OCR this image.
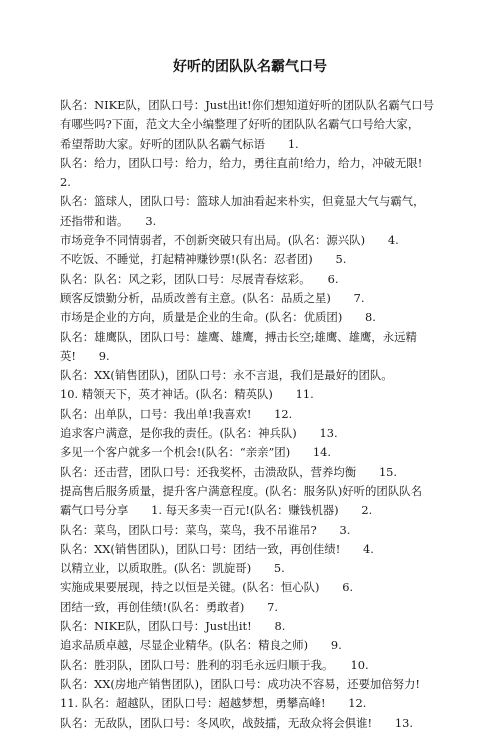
好听的团队队名霸气口号
队名：NIKE队，团队口号：Just出it!你们想知道好听的团队队名霸气口号
有哪些吗?下面，范文大全小编整理了好听的团队队名霸气口号给大家，
希望帮助大家。好听的团队队名霸气标语　　1.
队名：给力，团队口号：给力，给力，勇往直前!给力，给力，冲破无限!
2.
队名：篮球人，团队口号：篮球人加油看起来朴实，但竟显大气与霸气，
还指带和谐。　　3.
市场竞争不同情弱者，不创新突破只有出局。(队名：源兴队)　　4.
不吃饭、不睡觉，打起精神赚钞票!(队名：忍者团)　　5.
队名：队名：风之彩，团队口号：尽展青春炫彩。　　6.
顾客反馈勤分析，品质改善有主意。(队名：品质之星)　　7.
市场是企业的方向，质量是企业的生命。(队名：优质团)　　8.
队名：雄鹰队，团队口号：雄鹰、雄鹰，搏击长空;雄鹰、雄鹰，永远精
英!　　9.
队名：XX(销售团队)，团队口号：永不言退，我们是最好的团队。
10. 精领天下，英才神话。(队名：精英队)　　11.
队名：出单队，口号：我出单!我喜欢!　　12.
追求客户满意，是你我的责任。(队名：神兵队)　　13.
多见一个客户就多一个机会!(队名：“亲亲”团)　　14.
队名：还击营，团队口号：还我奖杯，击溃敌队，营养均衡　　15.
提高售后服务质量，提升客户满意程度。(队名：服务队)好听的团队队名
霸气口号分享　　1. 每天多卖一百元!(队名：赚钱机器)　　2.
队名：菜鸟，团队口号：菜鸟，菜鸟，我不吊谁吊?　　3.
队名：XX(销售团队)，团队口号：团结一致，再创佳绩!　　4.
以精立业，以质取胜。(队名：凯旋哥)　　5.
实施成果要展现，持之以恒是关键。(队名：恒心队)　　6.
团结一致，再创佳绩!(队名：勇敢者)　　7.
队名：NIKE队，团队口号：Just出it!　　8.
追求品质卓越，尽显企业精华。(队名：精良之师)　　9.
队名：胜羽队，团队口号：胜利的羽毛永远归顺于我。　　10.
队名：XX(房地产销售团队)，团队口号：成功决不容易，还要加倍努力!
11. 队名：超越队，团队口号：超越梦想，勇攀高峰!　　12.
队名：无敌队，团队口号：冬风吹，战鼓擂，无敌众将会俱谁!　　13.
